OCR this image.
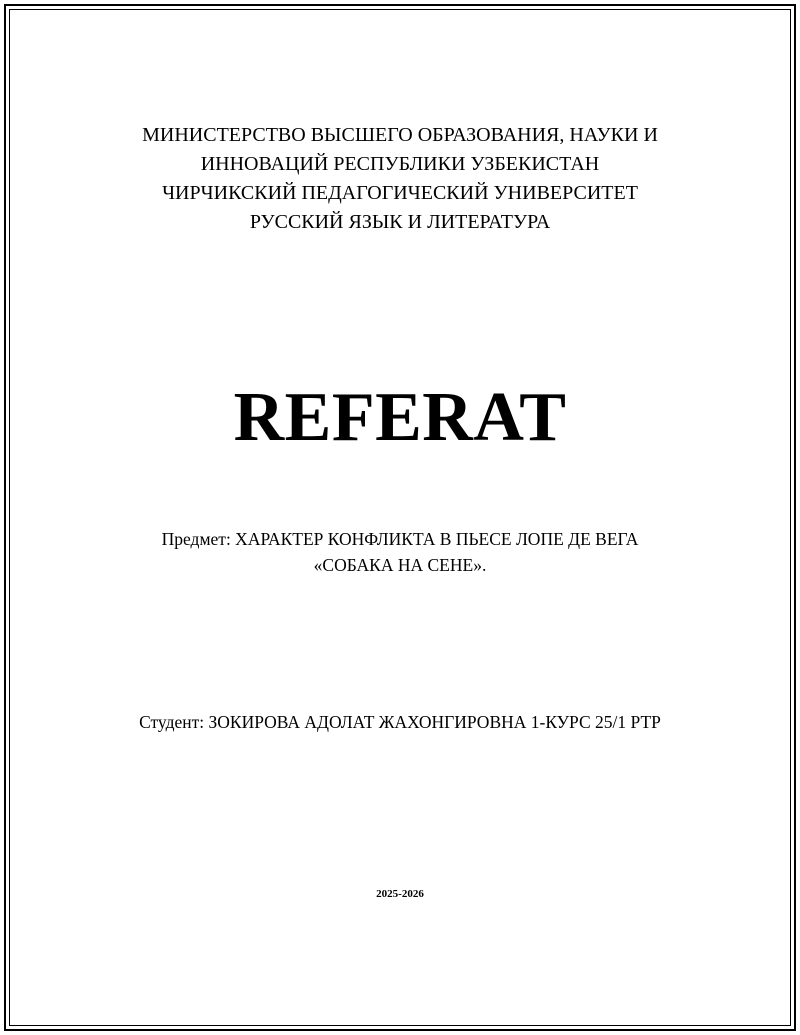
МИНИСТЕРСТВО ВЫСШЕГО ОБРАЗОВАНИЯ, НАУКИ И
ИННОВАЦИЙ РЕСПУБЛИКИ УЗБЕКИСТАН
ЧИРЧИКСКИЙ ПЕДАГОГИЧЕСКИЙ УНИВЕРСИТЕТ
РУССКИЙ ЯЗЫК И ЛИТЕРАТУРА
REFERAT
Предмет: ХАРАКТЕР КОНФЛИКТА В ПЬЕСЕ ЛОПЕ ДЕ ВЕГА
«СОБАКА НА СЕНЕ».
Студент: ЗОКИРОВА АДОЛАТ ЖАХОНГИРОВНА 1-КУРС 25/1 РТР
2025-2026
